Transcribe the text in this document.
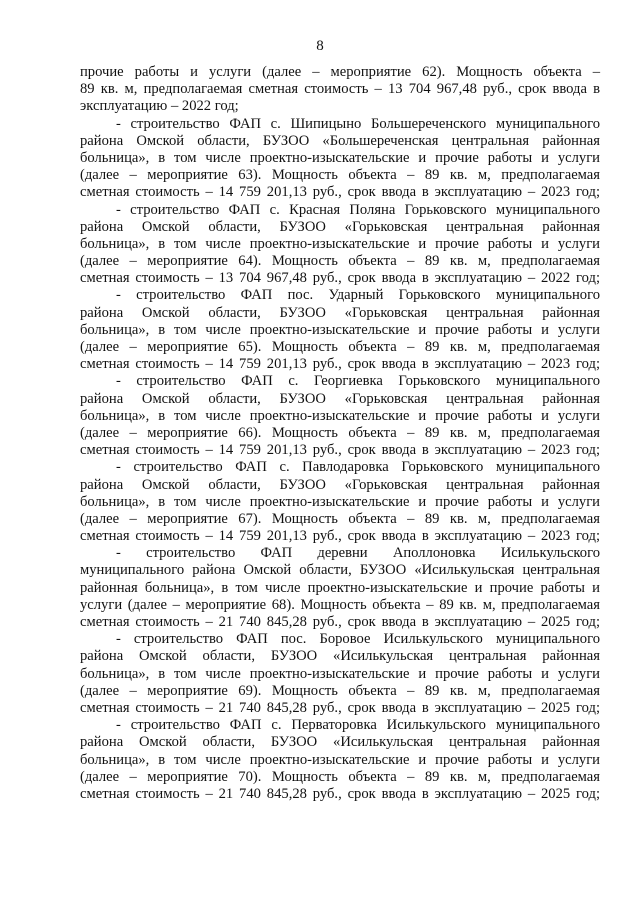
8
прочие работы и услуги (далее – мероприятие 62). Мощность объекта –
89 кв. м, предполагаемая сметная стоимость – 13 704 967,48 руб., срок ввода в
эксплуатацию – 2022 год;
- строительство ФАП с. Шипицыно Большереченского муниципального
района Омской области, БУЗОО «Большереченская центральная районная
больница», в том числе проектно-изыскательские и прочие работы и услуги
(далее – мероприятие 63). Мощность объекта – 89 кв. м, предполагаемая
сметная стоимость – 14 759 201,13 руб., срок ввода в эксплуатацию – 2023 год;
- строительство ФАП с. Красная Поляна Горьковского муниципального
района Омской области, БУЗОО «Горьковская центральная районная
больница», в том числе проектно-изыскательские и прочие работы и услуги
(далее – мероприятие 64). Мощность объекта – 89 кв. м, предполагаемая
сметная стоимость – 13 704 967,48 руб., срок ввода в эксплуатацию – 2022 год;
- строительство ФАП пос. Ударный Горьковского муниципального
района Омской области, БУЗОО «Горьковская центральная районная
больница», в том числе проектно-изыскательские и прочие работы и услуги
(далее – мероприятие 65). Мощность объекта – 89 кв. м, предполагаемая
сметная стоимость – 14 759 201,13 руб., срок ввода в эксплуатацию – 2023 год;
- строительство ФАП с. Георгиевка Горьковского муниципального
района Омской области, БУЗОО «Горьковская центральная районная
больница», в том числе проектно-изыскательские и прочие работы и услуги
(далее – мероприятие 66). Мощность объекта – 89 кв. м, предполагаемая
сметная стоимость – 14 759 201,13 руб., срок ввода в эксплуатацию – 2023 год;
- строительство ФАП с. Павлодаровка Горьковского муниципального
района Омской области, БУЗОО «Горьковская центральная районная
больница», в том числе проектно-изыскательские и прочие работы и услуги
(далее – мероприятие 67). Мощность объекта – 89 кв. м, предполагаемая
сметная стоимость – 14 759 201,13 руб., срок ввода в эксплуатацию – 2023 год;
- строительство ФАП деревни Аполлоновка Исилькульского
муниципального района Омской области, БУЗОО «Исилькульская центральная
районная больница», в том числе проектно-изыскательские и прочие работы и
услуги (далее – мероприятие 68). Мощность объекта – 89 кв. м, предполагаемая
сметная стоимость – 21 740 845,28 руб., срок ввода в эксплуатацию – 2025 год;
- строительство ФАП пос. Боровое Исилькульского муниципального
района Омской области, БУЗОО «Исилькульская центральная районная
больница», в том числе проектно-изыскательские и прочие работы и услуги
(далее – мероприятие 69). Мощность объекта – 89 кв. м, предполагаемая
сметная стоимость – 21 740 845,28 руб., срок ввода в эксплуатацию – 2025 год;
- строительство ФАП с. Перваторовка Исилькульского муниципального
района Омской области, БУЗОО «Исилькульская центральная районная
больница», в том числе проектно-изыскательские и прочие работы и услуги
(далее – мероприятие 70). Мощность объекта – 89 кв. м, предполагаемая
сметная стоимость – 21 740 845,28 руб., срок ввода в эксплуатацию – 2025 год;
